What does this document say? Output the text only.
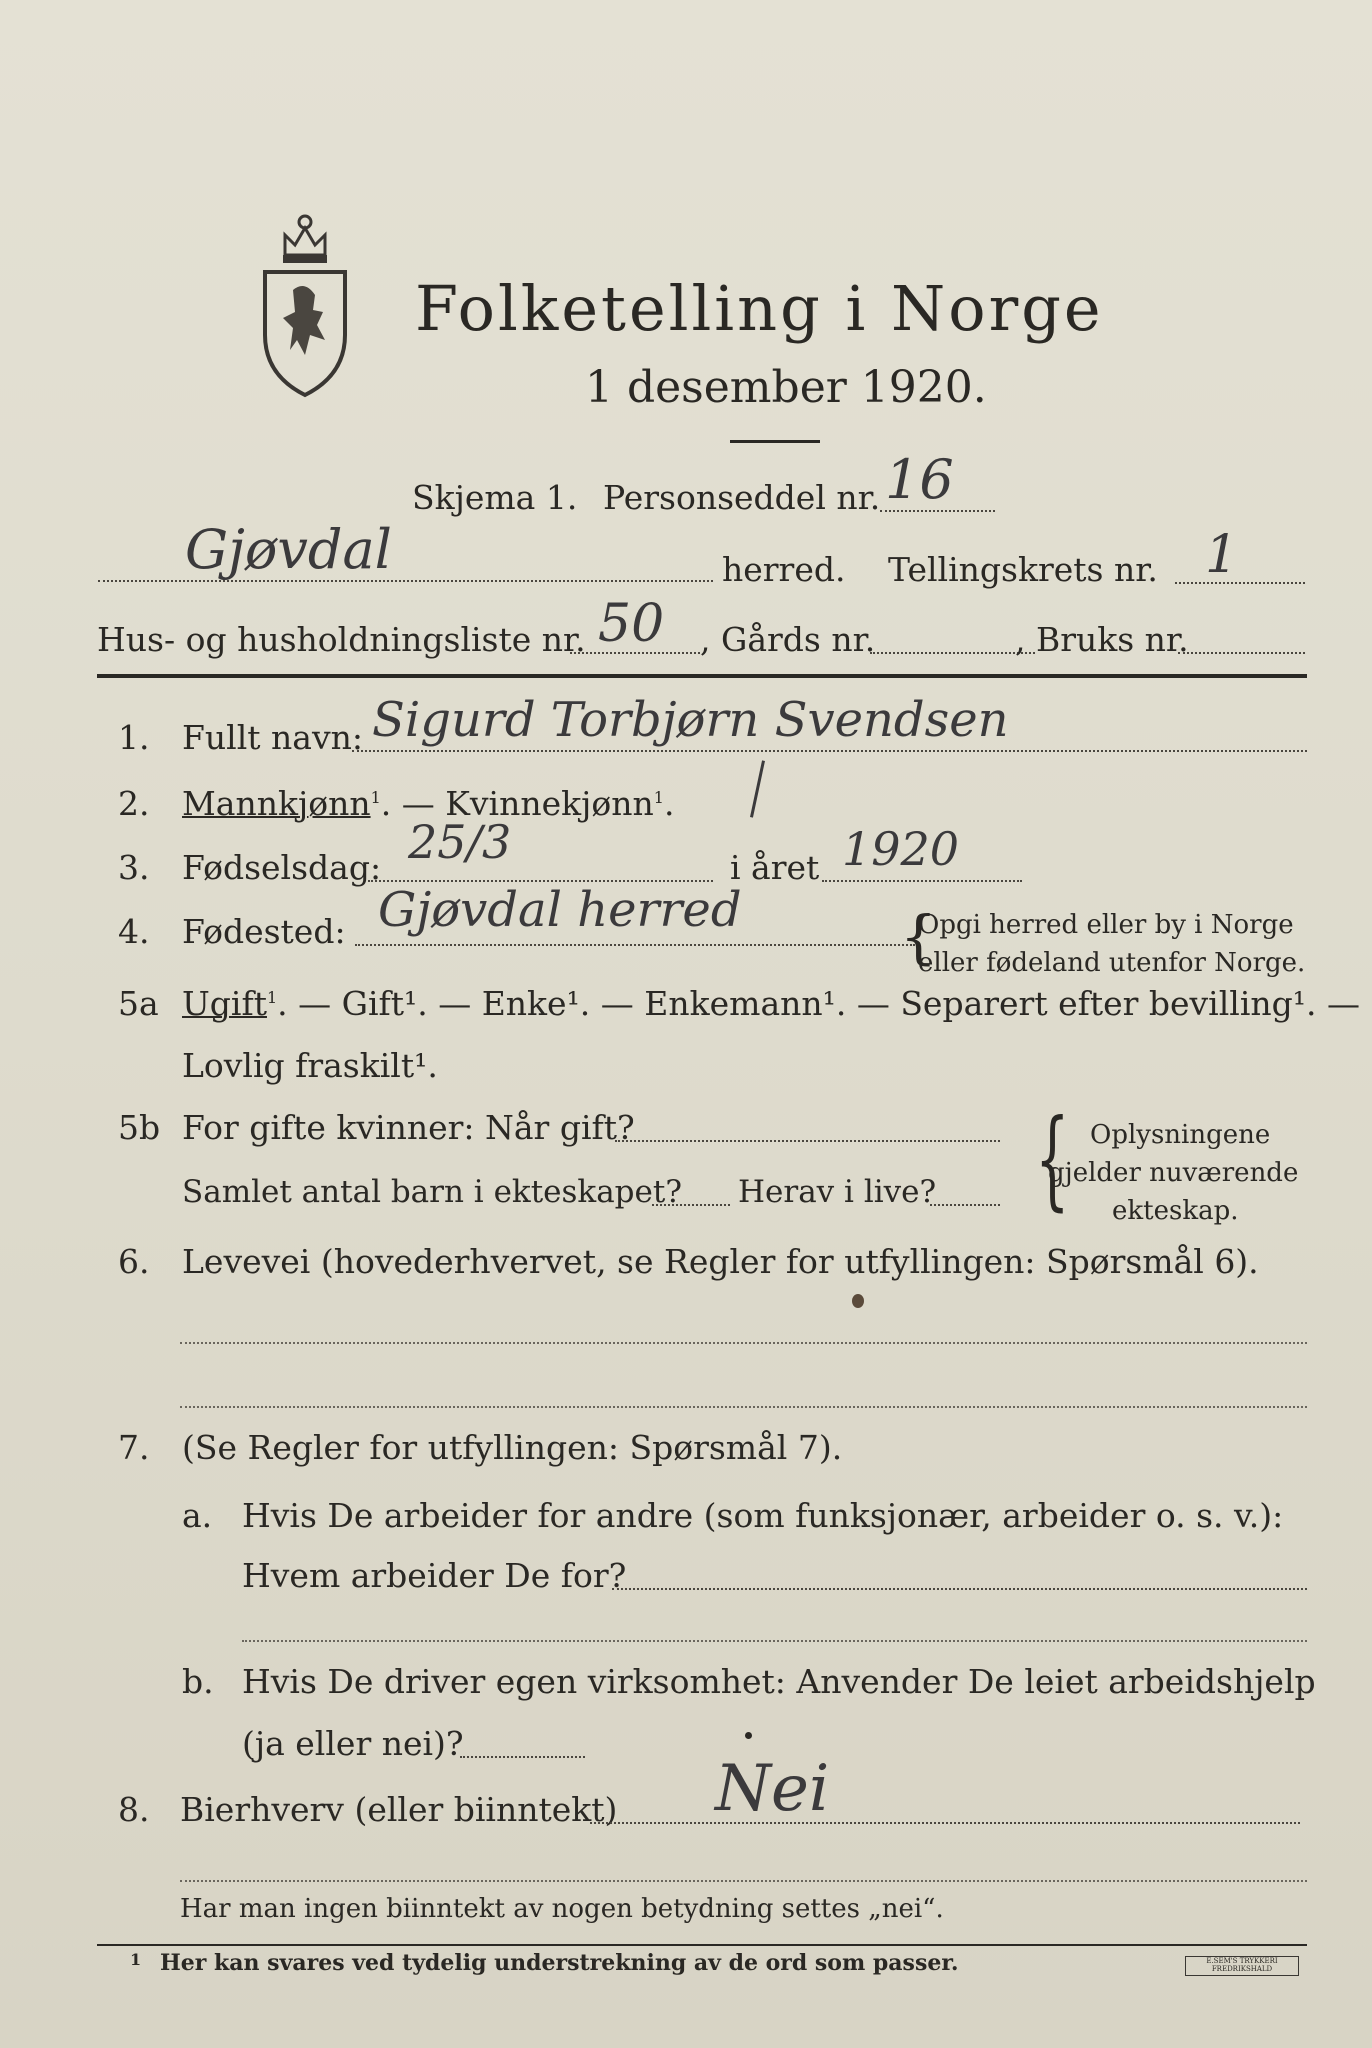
Folketelling i Norge
1 desember 1920.
Skjema 1. Personseddel nr. 16
Gjøvdal	herred. Tellingskrets nr. 1
Hus- og husholdningsliste nr. 50 , Gårds nr.	, Bruks nr.
1. Fullt navn: Sigurd Torbjørn Svendsen
2. Mannkjønn$^1$. — Kvinnekjønn$^1$.
3. Fødselsdag: 25/3	i året 1920
4. Fødested: Gjøvdal herred	{
Opgi herred eller by i Norge
eller fødeland utenfor Norge.
5a Ugift$^1$. — Gift¹. — Enke¹. — Enkemann¹. — Separert efter bevilling¹. —
Lovlig fraskilt¹.
5b For gifte kvinner: Når gift?
Samlet antal barn i ekteskapet? Herav i live? { Oplysningene
gjelder nuværende
ekteskap.
6. Levevei (hovederhvervet, se Regler for utfyllingen: Spørsmål 6).
7. (Se Regler for utfyllingen: Spørsmål 7).
a. Hvis De arbeider for andre (som funksjonær, arbeider o. s. v.):
Hvem arbeider De for?
b. Hvis De driver egen virksomhet: Anvender De leiet arbeidshjelp
(ja eller nei)?
8. Bierhverv (eller biinntekt) Nei
Har man ingen biinntekt av nogen betydning settes „nei“.
1 Her kan svares ved tydelig understrekning av de ord som passer.	E.SEM'S TRYKKERI FREDRIKSHALD
